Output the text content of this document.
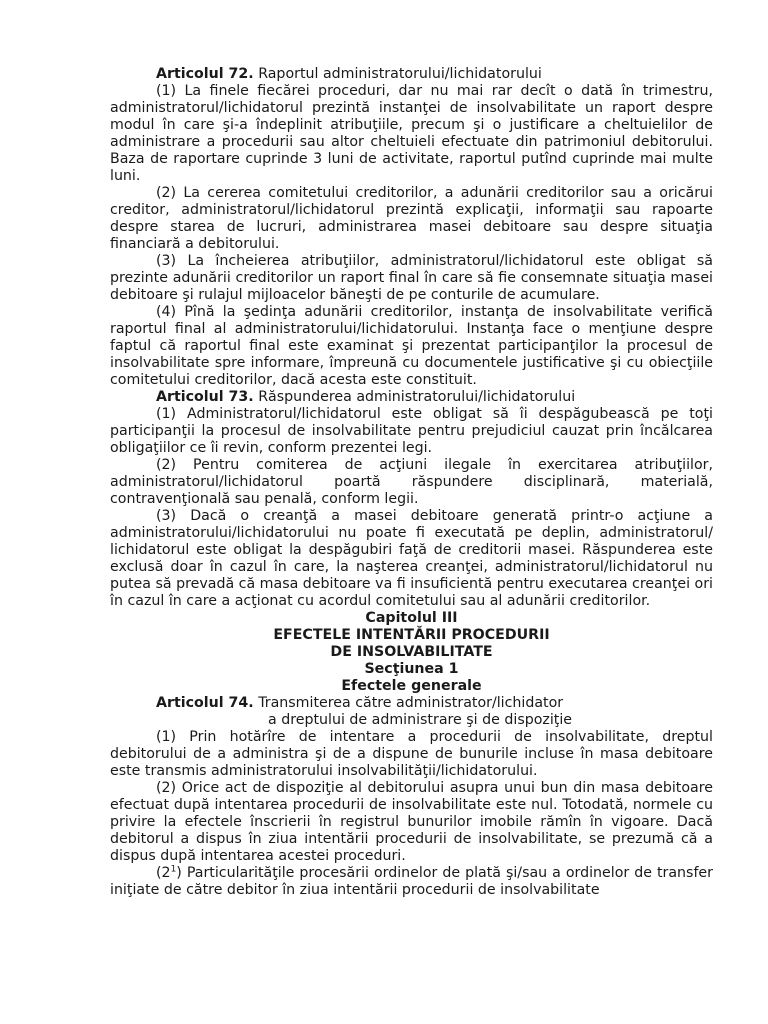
Articolul 72. Raportul administratorului/lichidatorului

(1) La finele fiecărei proceduri, dar nu mai rar decît o dată în trimestru, administratorul/lichidatorul prezintă instanţei de insolvabilitate un raport despre modul în care şi-a îndeplinit atribuţiile, precum şi o justificare a cheltuielilor de administrare a procedurii sau altor cheltuieli efectuate din patrimoniul debitorului. Baza de raportare cuprinde 3 luni de activitate, raportul putînd cuprinde mai multe luni.

(2) La cererea comitetului creditorilor, a adunării creditorilor sau a oricărui creditor, administratorul/lichidatorul prezintă explicaţii, informaţii sau rapoarte despre starea de lucruri, administrarea masei debitoare sau despre situaţia financiară a debitorului.

(3) La încheierea atribuţiilor, administratorul/lichidatorul este obligat să prezinte adunării creditorilor un raport final în care să fie consemnate situaţia masei debitoare şi rulajul mijloacelor băneşti de pe conturile de acumulare.

(4) Pînă la şedinţa adunării creditorilor, instanţa de insolvabilitate verifică raportul final al administratorului/lichidatorului. Instanţa face o menţiune despre faptul că raportul final este examinat şi prezentat participanţilor la procesul de insolvabilitate spre informare, împreună cu documentele justificative şi cu obiecţiile comitetului creditorilor, dacă acesta este constituit.

Articolul 73. Răspunderea administratorului/lichidatorului

(1) Administratorul/lichidatorul este obligat să îi despăgubească pe toţi participanţii la procesul de insolvabilitate pentru prejudiciul cauzat prin încălcarea obligaţiilor ce îi revin, conform prezentei legi.

(2) Pentru comiterea de acţiuni ilegale în exercitarea atribuţiilor, administratorul/lichidatorul poartă răspundere disciplinară, materială, contravenţională sau penală, conform legii.

(3) Dacă o creanţă a masei debitoare generată printr-o acţiune a administratorului/lichidatorului nu poate fi executată pe deplin, administratorul/ lichidatorul este obligat la despăgubiri faţă de creditorii masei. Răspunderea este exclusă doar în cazul în care, la naşterea creanţei, administratorul/lichidatorul nu putea să prevadă că masa debitoare va fi insuficientă pentru executarea creanţei ori în cazul în care a acţionat cu acordul comitetului sau al adunării creditorilor.

Capitolul III

EFECTELE INTENTĂRII PROCEDURII

DE INSOLVABILITATE

Secţiunea 1

Efectele generale

Articolul 74. Transmiterea către administrator/lichidator

a dreptului de administrare şi de dispoziţie

(1) Prin hotărîre de intentare a procedurii de insolvabilitate, dreptul debitorului de a administra şi de a dispune de bunurile incluse în masa debitoare este transmis administratorului insolvabilităţii/lichidatorului.

(2) Orice act de dispoziţie al debitorului asupra unui bun din masa debitoare efectuat după intentarea procedurii de insolvabilitate este nul. Totodată, normele cu privire la efectele înscrierii în registrul bunurilor imobile rămîn în vigoare. Dacă debitorul a dispus în ziua intentării procedurii de insolvabilitate, se prezumă că a dispus după intentarea acestei proceduri.

$(2^1)$ Particularităţile procesării ordinelor de plată şi/sau a ordinelor de transfer iniţiate de către debitor în ziua intentării procedurii de insolvabilitate
